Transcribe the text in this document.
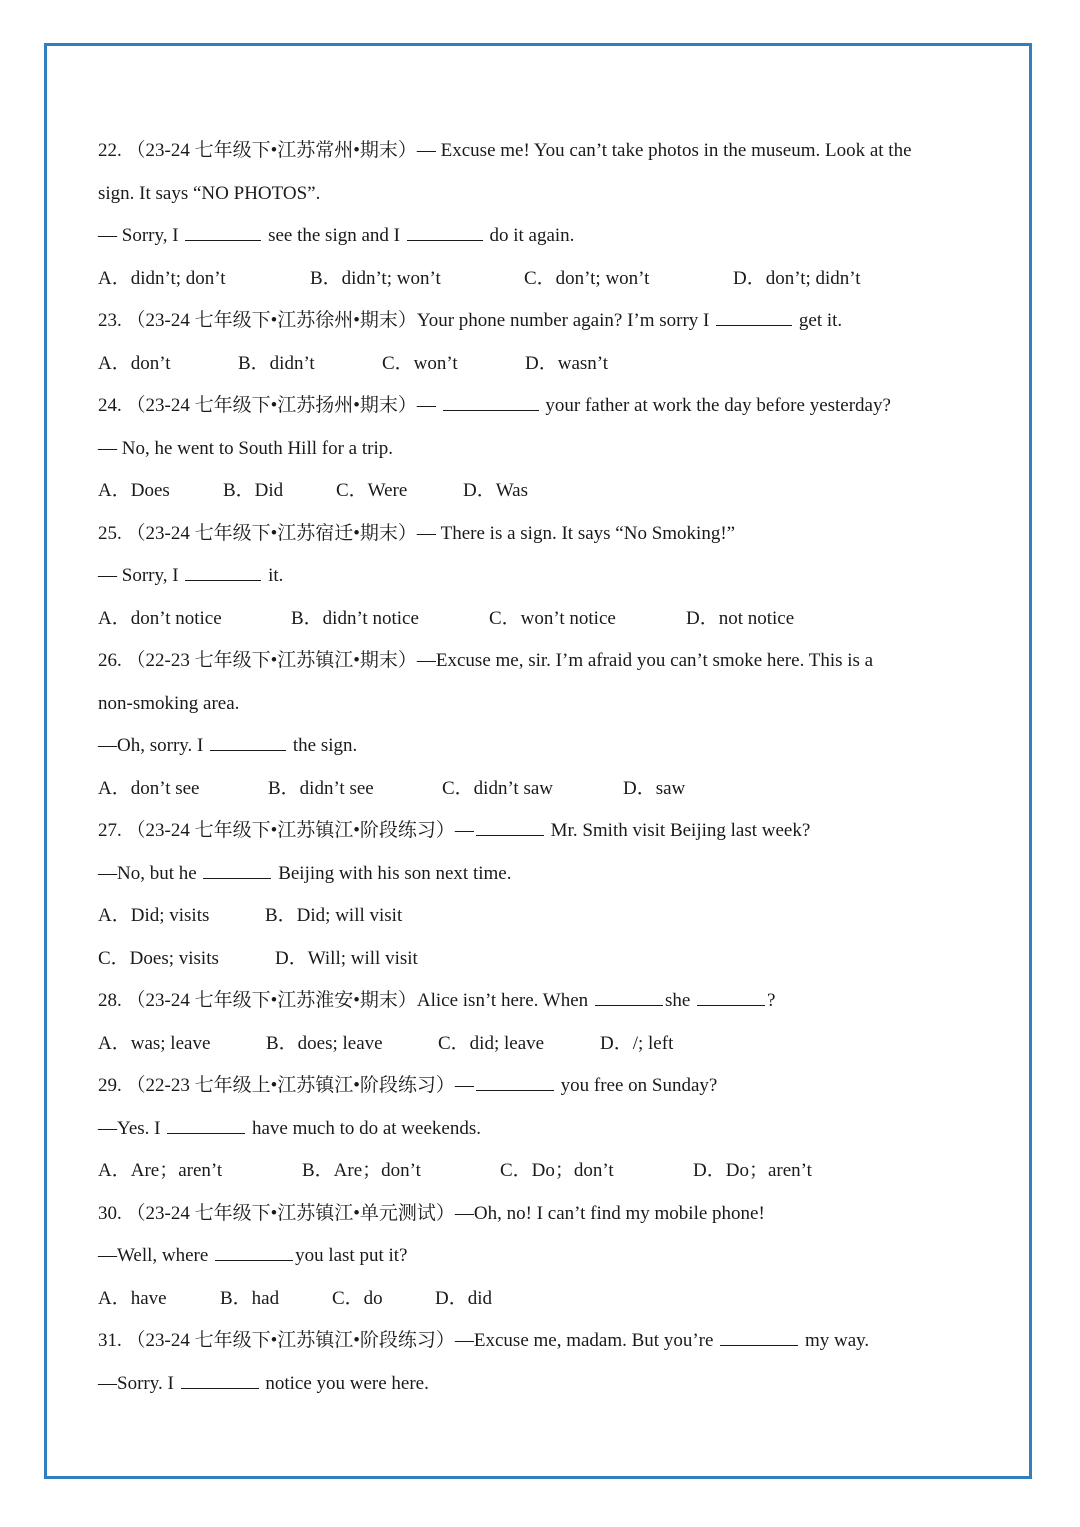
22. （23-24 七年级下•江苏常州•期末）— Excuse me! You can’t take photos in the museum. Look at the
sign. It says “NO PHOTOS”.
— Sorry, I	see the sign and I	do it again.
A．didn’t; don’t	B．didn’t; won’t	C．don’t; won’t	D．don’t; didn’t
23. （23-24 七年级下•江苏徐州•期末）Your phone number again? I’m sorry I	get it.
A．don’t	B．didn’t	C．won’t	D．wasn’t
24. （23-24 七年级下•江苏扬州•期末）—	your father at work the day before yesterday?
— No, he went to South Hill for a trip.
A．Does	B．Did	C．Were	D．Was
25. （23-24 七年级下•江苏宿迁•期末）— There is a sign. It says “No Smoking!”
— Sorry, I	it.
A．don’t notice	B．didn’t notice	C．won’t notice	D．not notice
26. （22-23 七年级下•江苏镇江•期末）—Excuse me, sir. I’m afraid you can’t smoke here. This is a
non-smoking area.
—Oh, sorry. I	the sign.
A．don’t see	B．didn’t see	C．didn’t saw	D．saw
27. （23-24 七年级下•江苏镇江•阶段练习）—	Mr. Smith visit Beijing last week?
—No, but he	Beijing with his son next time.
A．Did; visits	B．Did; will visit
C．Does; visits	D．Will; will visit
28. （23-24 七年级下•江苏淮安•期末）Alice isn’t here. When	she	?
A．was; leave	B．does; leave	C．did; leave	D．/; left
29. （22-23 七年级上•江苏镇江•阶段练习）—	you free on Sunday?
—Yes. I	have much to do at weekends.
A．Are；aren’t	B．Are；don’t	C．Do；don’t	D．Do；aren’t
30. （23-24 七年级下•江苏镇江•单元测试）—Oh, no! I can’t find my mobile phone!
—Well, where	you last put it?
A．have	B．had	C．do	D．did
31. （23-24 七年级下•江苏镇江•阶段练习）—Excuse me, madam. But you’re	my way.
—Sorry. I	notice you were here.
